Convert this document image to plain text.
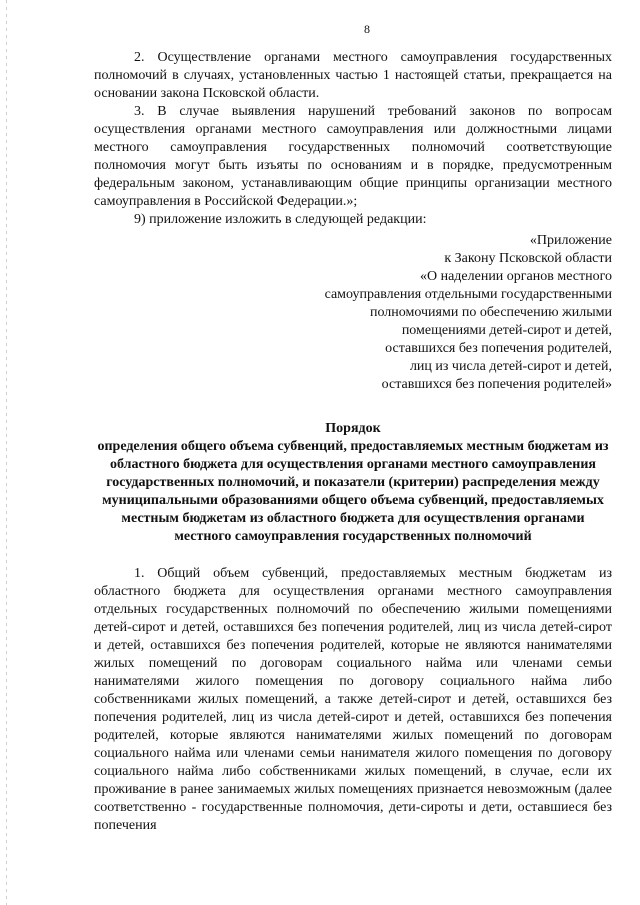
8

2. Осуществление органами местного самоуправления государственных полномочий в случаях, установленных частью 1 настоящей статьи, прекращается на основании закона Псковской области.

3. В случае выявления нарушений требований законов по вопросам осуществления органами местного самоуправления или должностными лицами местного самоуправления государственных полномочий соответствующие полномочия могут быть изъяты по основаниям и в порядке, предусмотренным федеральным законом, устанавливающим общие принципы организации местного самоуправления в Российской Федерации.»;

9) приложение изложить в следующей редакции:

«Приложение
к Закону Псковской области
«О наделении органов местного
самоуправления отдельными государственными
полномочиями по обеспечению жилыми
помещениями детей-сирот и детей,
оставшихся без попечения родителей,
лиц из числа детей-сирот и детей,
оставшихся без попечения родителей»
Порядок
определения общего объема субвенций, предоставляемых местным бюджетам из областного бюджета для осуществления органами местного самоуправления государственных полномочий, и показатели (критерии) распределения между муниципальными образованиями общего объема субвенций, предоставляемых местным бюджетам из областного бюджета для осуществления органами местного самоуправления государственных полномочий

1. Общий объем субвенций, предоставляемых местным бюджетам из областного бюджета для осуществления органами местного самоуправления отдельных государственных полномочий по обеспечению жилыми помещениями детей-сирот и детей, оставшихся без попечения родителей, лиц из числа детей-сирот и детей, оставшихся без попечения родителей, которые не являются нанимателями жилых помещений по договорам социального найма или членами семьи нанимателями жилого помещения по договору социального найма либо собственниками жилых помещений, а также детей-сирот и детей, оставшихся без попечения родителей, лиц из числа детей-сирот и детей, оставшихся без попечения родителей, которые являются нанимателями жилых помещений по договорам социального найма или членами семьи нанимателя жилого помещения по договору социального найма либо собственниками жилых помещений, в случае, если их проживание в ранее занимаемых жилых помещениях признается невозможным (далее соответственно - государственные полномочия, дети-сироты и дети, оставшиеся без попечения
